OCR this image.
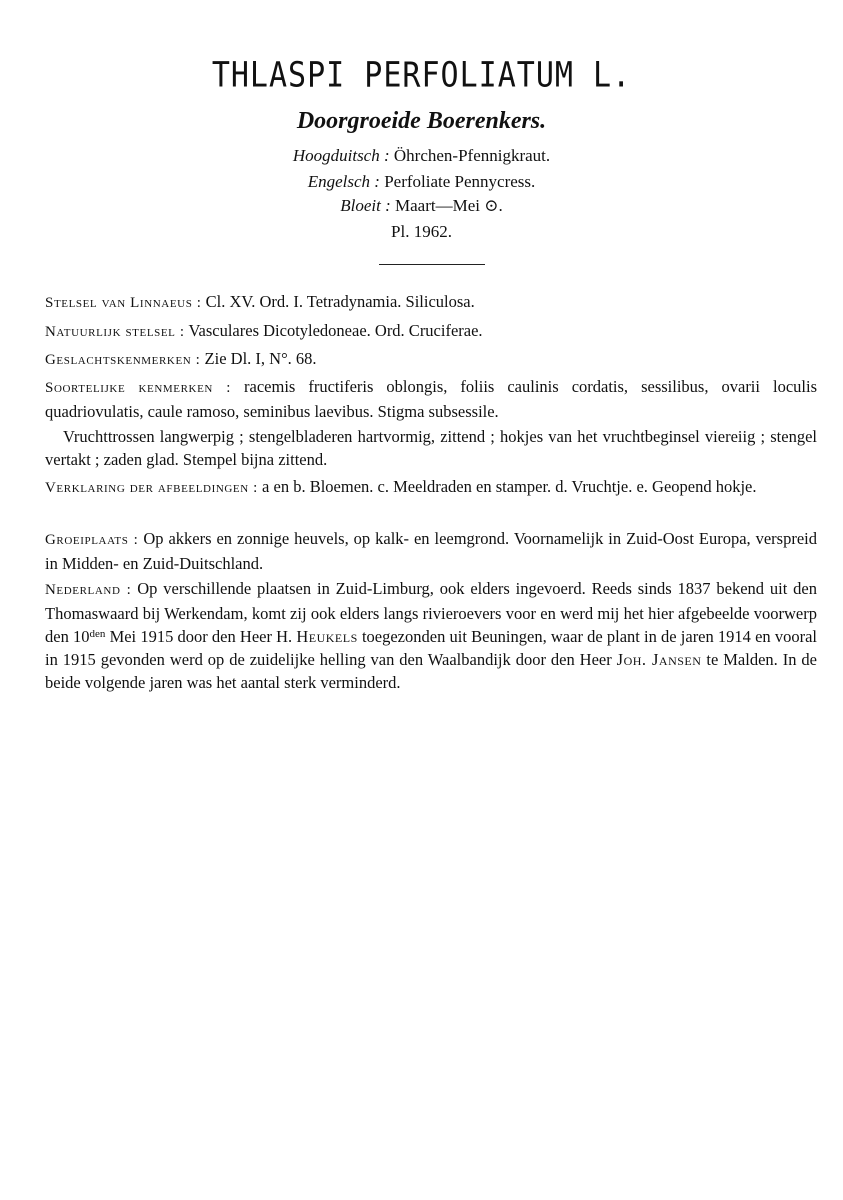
THLASPI PERFOLIATUM L.
Doorgroeide Boerenkers.
Hoogduitsch : Öhrchen-Pfennigkraut.
Engelsch : Perfoliate Pennycress.
Bloeit : Maart—Mei ⊙.
Pl. 1962.
Stelsel van Linnaeus : Cl. XV. Ord. I. Tetradynamia. Siliculosa.
Natuurlijk stelsel : Vasculares Dicotyledoneae. Ord. Cruciferae.
Geslachtskenmerken : Zie Dl. I, N°. 68.
Soortelijke kenmerken : racemis fructiferis oblongis, foliis caulinis cordatis, sessilibus, ovarii loculis quadriovulatis, caule ramoso, seminibus laevibus. Stigma subsessile.
Vruchttrossen langwerpig ; stengelbladeren hartvormig, zittend ; hokjes van het vruchtbeginsel viereiig ; stengel vertakt ; zaden glad. Stempel bijna zittend.
Verklaring der afbeeldingen : a en b. Bloemen. c. Meeldraden en stamper. d. Vruchtje. e. Geopend hokje.
Groeiplaats : Op akkers en zonnige heuvels, op kalk- en leemgrond. Voornamelijk in Zuid-Oost Europa, verspreid in Midden- en Zuid-Duitschland.
Nederland : Op verschillende plaatsen in Zuid-Limburg, ook elders ingevoerd. Reeds sinds 1837 bekend uit den Thomaswaard bij Werkendam, komt zij ook elders langs rivieroevers voor en werd mij het hier afgebeelde voorwerp den $10^{den}$ Mei 1915 door den Heer H. Heukels toegezonden uit Beuningen, waar de plant in de jaren 1914 en vooral in 1915 gevonden werd op de zuidelijke helling van den Waalbandijk door den Heer Joh. Jansen te Malden. In de beide volgende jaren was het aantal sterk verminderd.
